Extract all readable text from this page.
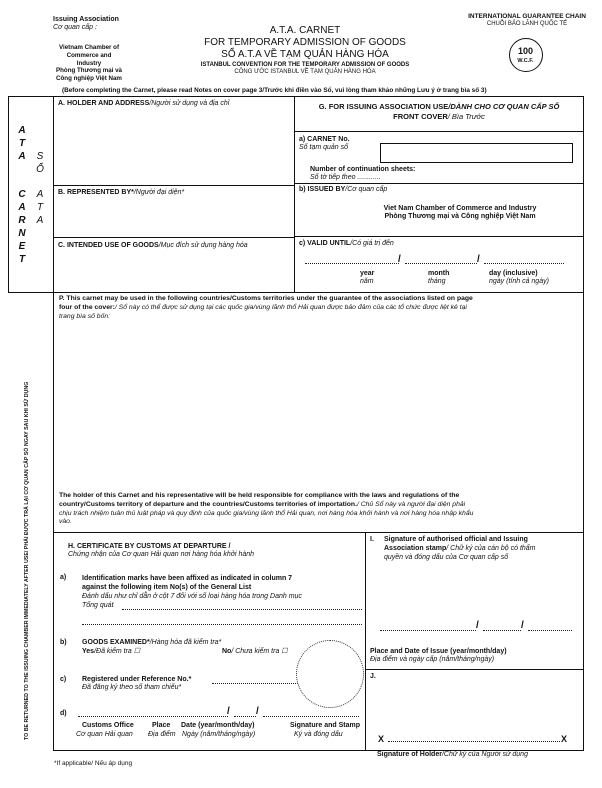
Issuing Association
Cơ quan cấp :
Vietnam Chamber of
Commerce and Industry
Phòng Thương mại và
Công nghiệp Việt Nam
A.T.A. CARNET
FOR TEMPORARY ADMISSION OF GOODS
SỔ A.T.A VỀ TẠM QUẢN HÀNG HÓA
ISTANBUL CONVENTION FOR THE TEMPORARY ADMISSION OF GOODS
CÔNG ƯỚC ISTANBUL VỀ TẠM QUẢN HÀNG HÓA
INTERNATIONAL GUARANTEE CHAIN
CHUỖI BẢO LÃNH QUỐC TẾ
100
W.C.F.
(Before completing the Carnet, please read Notes on cover page 3/Trước khi điền vào Sổ, vui lòng tham khảo những Lưu ý ở trang bìa số 3)
A
T
A
C
A
R
N
E
T
S
Ổ
A
T
A
TO BE RETURNED TO THE ISSUING CHAMBER IMMEDIATELY AFTER USE/ PHẢI ĐƯỢC TRẢ LẠI CƠ QUAN CẤP SỔ NGAY SAU KHI SỬ DỤNG
A. HOLDER AND ADDRESS/Người sử dụng và địa chỉ
B. REPRESENTED BY*/Người đại diện*
C. INTENDED USE OF GOODS/Mục đích sử dụng hàng hóa
G. FOR ISSUING ASSOCIATION USE/DÀNH CHO CƠ QUAN CẤP SỔ
FRONT COVER/ Bìa Trước
a) CARNET No.
Số tạm quản số
Number of continuation sheets:
Số tờ tiếp theo ............
b) ISSUED BY/Cơ quan cấp
Viet Nam Chamber of Commerce and Industry
Phòng Thương mại và Công nghiệp Việt Nam
c) VALID UNTIL/Có giá trị đến
/	/
year
năm
month
tháng
day (inclusive)
ngày (tính cả ngày)
P. This carnet may be used in the following countries/Customs territories under the guarantee of the associations listed on page
four of the cover:/ Sổ này có thể được sử dụng tại các quốc gia/vùng lãnh thổ Hải quan được bảo đảm của các tổ chức được liệt kê tại
trang bìa số bốn:
The holder of this Carnet and his representative will be held responsible for compliance with the laws and regulations of the
country/Customs territory of departure and the countries/Customs territories of importation./ Chủ Sổ này và người đại diện phải
chịu trách nhiệm tuân thủ luật pháp và quy định của quốc gia/vùng lãnh thổ Hải quan, nơi hàng hóa khởi hành và nơi hàng hóa nhập khẩu
vào.
H. CERTIFICATE BY CUSTOMS AT DEPARTURE /
Chứng nhận của Cơ quan Hải quan nơi hàng hóa khởi hành
a) Identification marks have been affixed as indicated in column 7
against the following item No(s) of the General List
Đánh dấu như chỉ dẫn ở cột 7 đối với số loại hàng hóa trong Danh mục
Tổng quát
b) GOODS EXAMINED*/Hàng hóa đã kiểm tra*
Yes/Đã kiểm tra ☐	No/ Chưa kiểm tra ☐
c) Registered under Reference No.*
Đã đăng ký theo số tham chiếu*
d)	/	/
Customs Office	Place Date (year/month/day)	Signature and Stamp
Cơ quan Hải quan Địa điểm Ngày (năm/tháng/ngày)	Ký và đóng dấu
I. Signature of authorised official and Issuing
Association stamp/ Chữ ký của cán bộ có thẩm
quyền và đóng dấu của Cơ quan cấp số
/	/
Place and Date of Issue (year/month/day)
Địa điểm và ngày cấp (năm/tháng/ngày)
J.
X	X
Signature of Holder/Chữ ký của Người sử dụng
*If applicable/ Nếu áp dụng
